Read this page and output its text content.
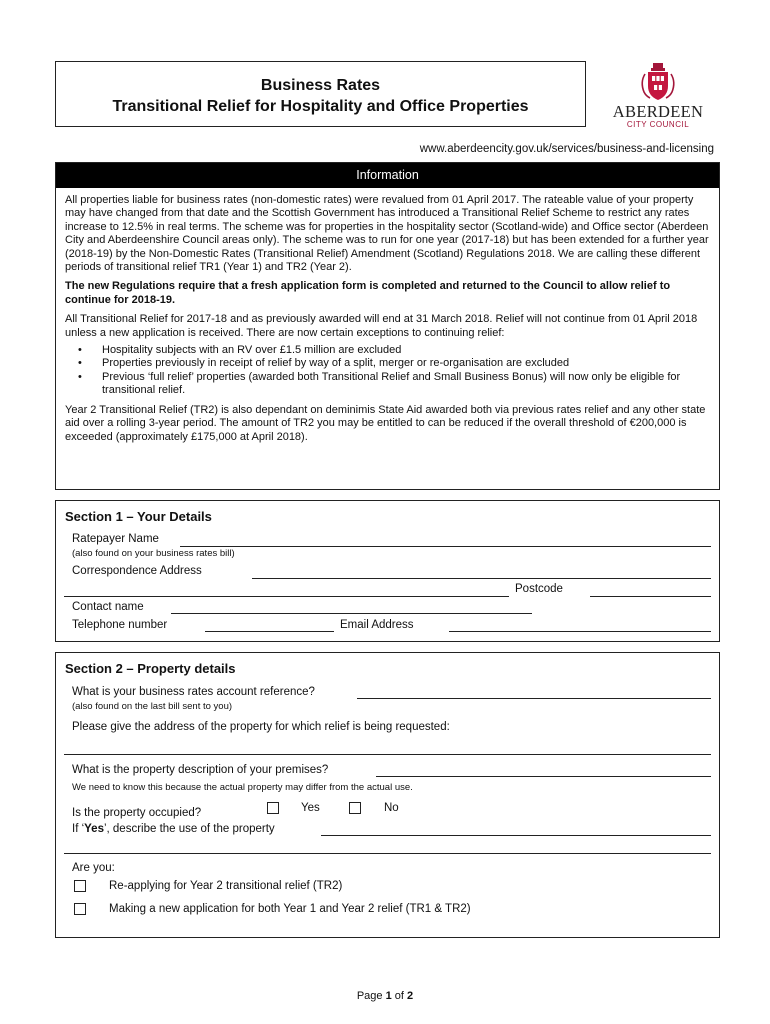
Business Rates
Transitional Relief for Hospitality and Office Properties	ABERDEEN
CITY COUNCIL
www.aberdeencity.gov.uk/services/business-and-licensing
Information

All properties liable for business rates (non-domestic rates) were revalued from 01 April 2017. The rateable value of your property may have changed from that date and the Scottish Government has introduced a Transitional Relief Scheme to restrict any rates increase to 12.5% in real terms. The scheme was for properties in the hospitality sector (Scotland-wide) and Office sector (Aberdeen City and Aberdeenshire Council areas only). The scheme was to run for one year (2017-18) but has been extended for a further year (2018-19) by the Non-Domestic Rates (Transitional Relief) Amendment (Scotland) Regulations 2018. We are calling these different periods of transitional relief TR1 (Year 1) and TR2 (Year 2).

The new Regulations require that a fresh application form is completed and returned to the Council to allow relief to continue for 2018-19.

All Transitional Relief for 2017-18 and as previously awarded will end at 31 March 2018. Relief will not continue from 01 April 2018 unless a new application is received. There are now certain exceptions to continuing relief:

• Hospitality subjects with an RV over £1.5 million are excluded
• Properties previously in receipt of relief by way of a split, merger or re-organisation are excluded
• Previous ‘full relief’ properties (awarded both Transitional Relief and Small Business Bonus) will now only be eligible for transitional relief.

Year 2 Transitional Relief (TR2) is also dependant on deminimis State Aid awarded both via previous rates relief and any other state aid over a rolling 3-year period. The amount of TR2 you may be entitled to can be reduced if the overall threshold of €200,000 is exceeded (approximately £175,000 at April 2018).

Section 1 – Your Details
Ratepayer Name
(also found on your business rates bill)
Correspondence Address
Postcode
Contact name
Telephone number	Email Address
Section 2 – Property details
What is your business rates account reference?
(also found on the last bill sent to you)
Please give the address of the property for which relief is being requested:
What is the property description of your premises?
We need to know this because the actual property may differ from the actual use.
Is the property occupied?	Yes	No
If ‘Yes’, describe the use of the property
Are you:
Re-applying for Year 2 transitional relief (TR2)
Making a new application for both Year 1 and Year 2 relief (TR1 & TR2)
Page 1 of 2
